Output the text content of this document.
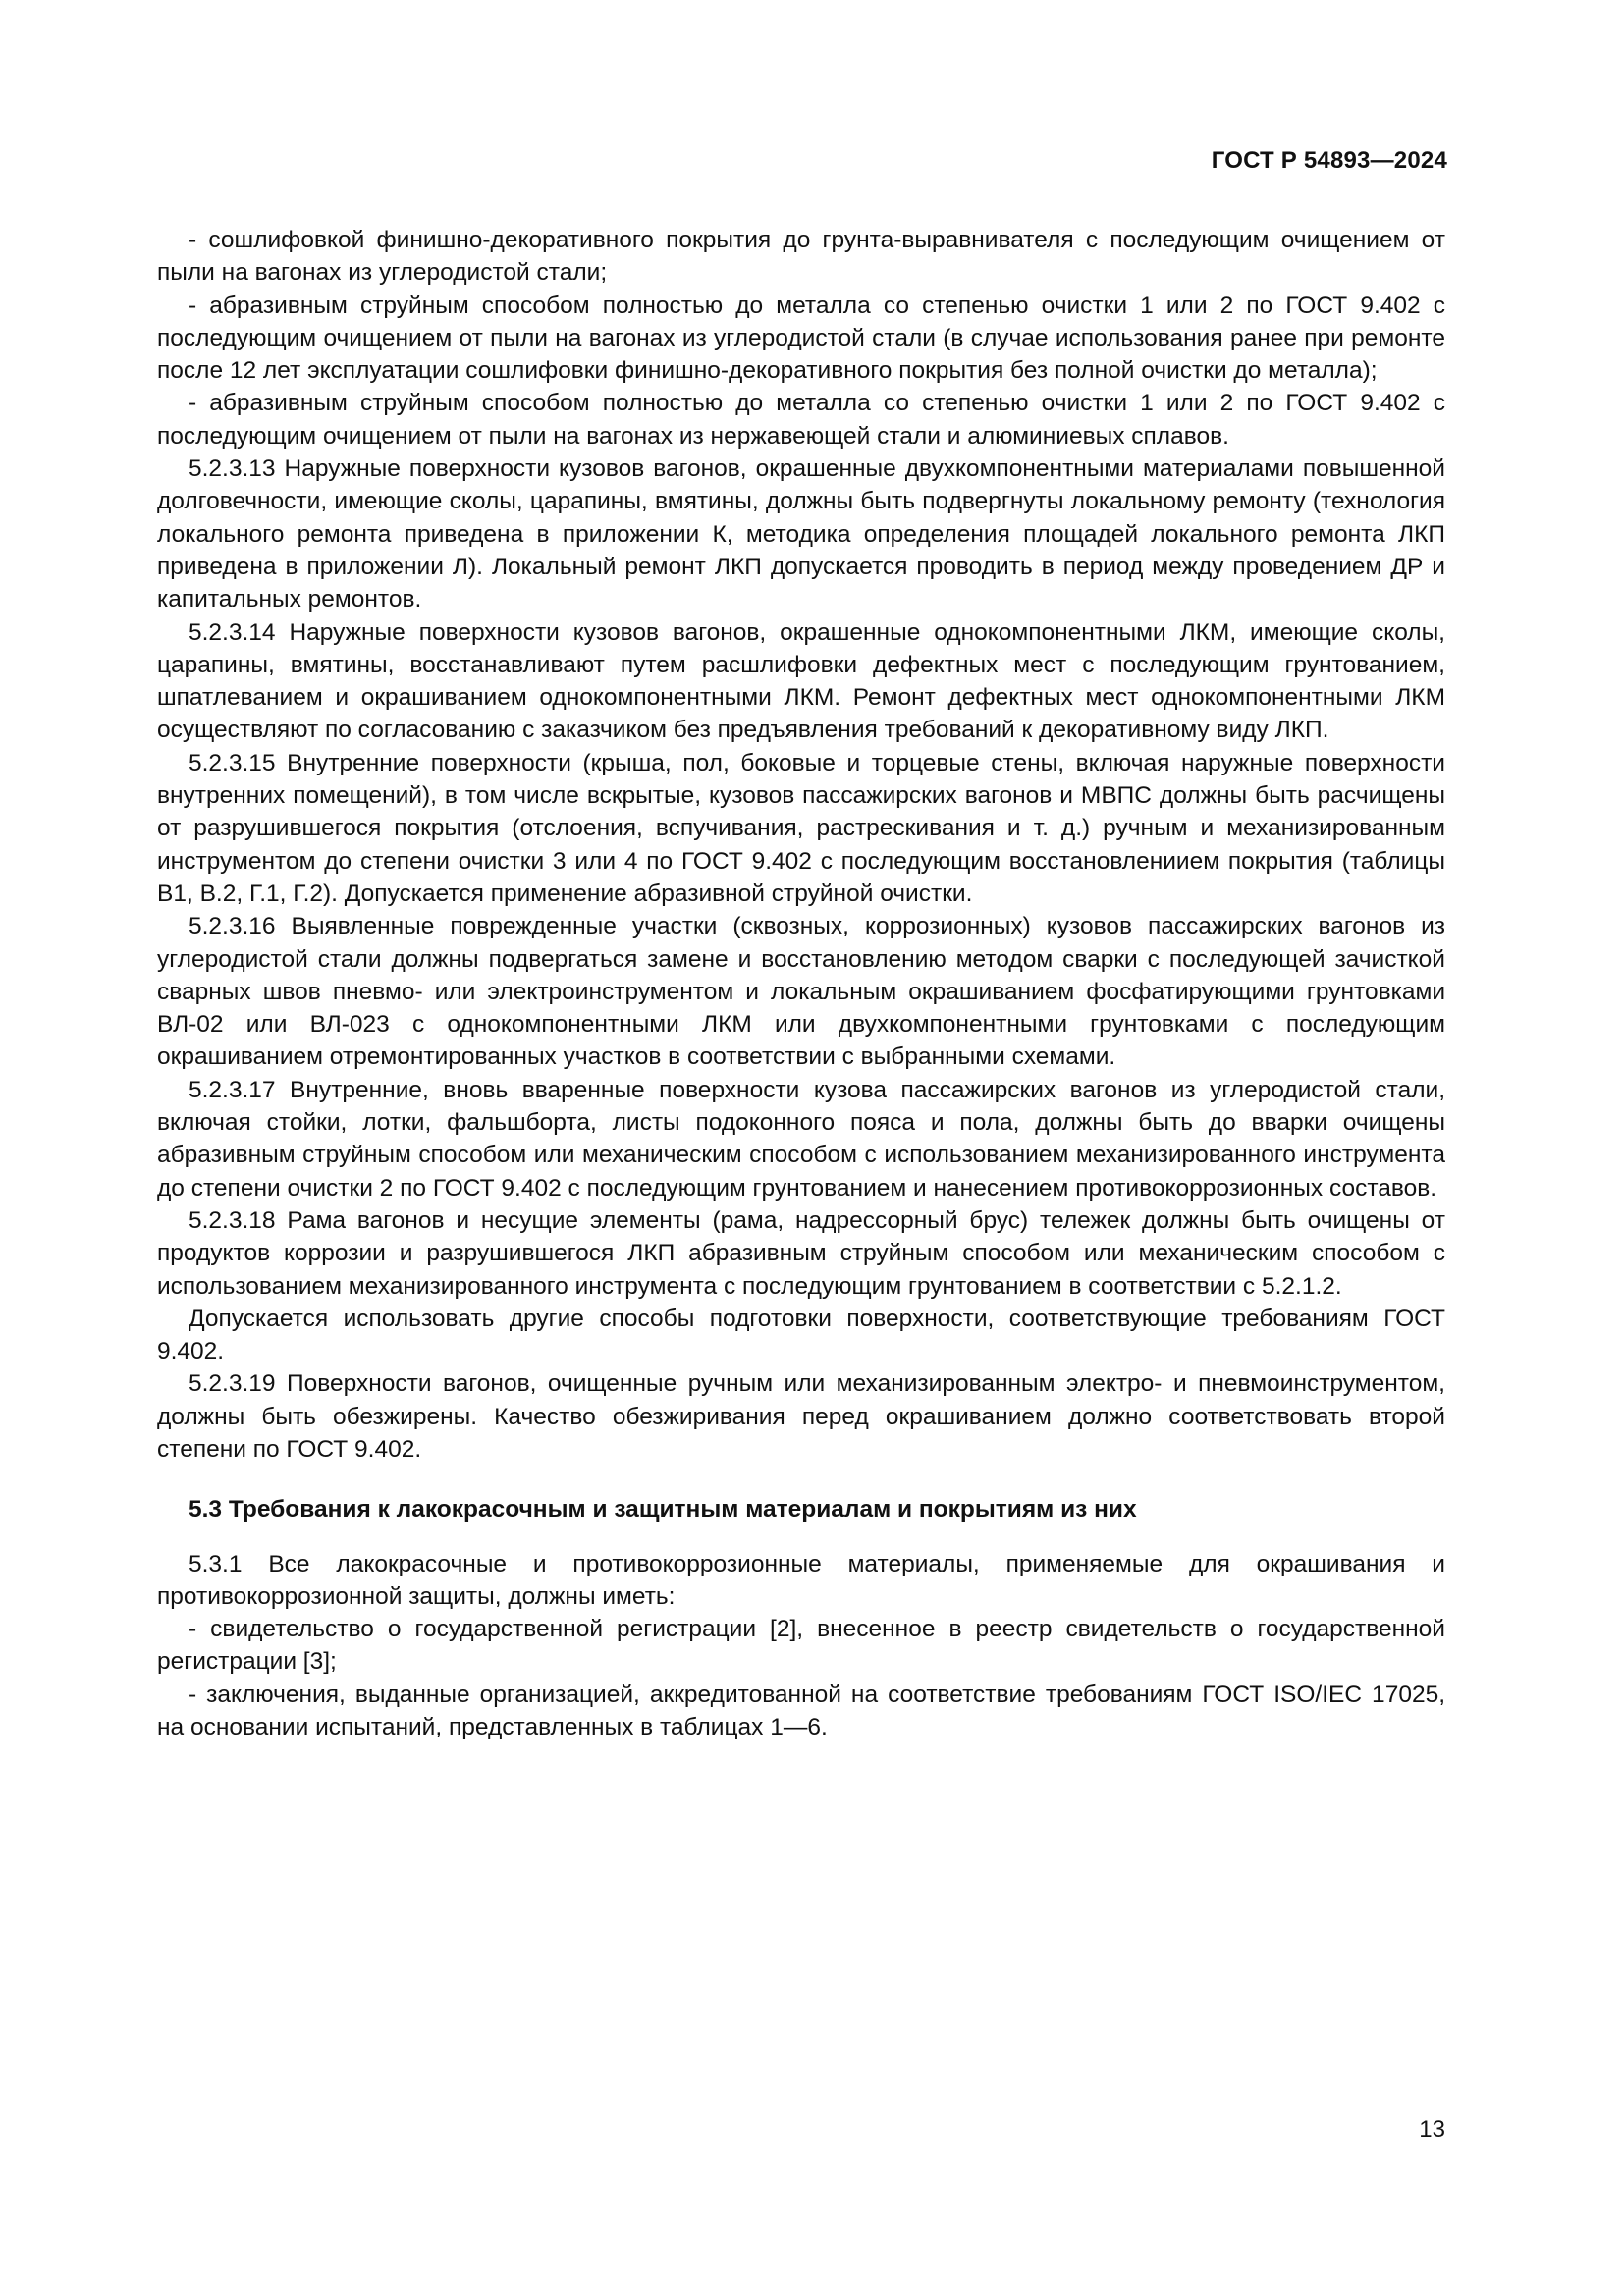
ГОСТ Р 54893—2024

- сошлифовкой финишно-декоративного покрытия до грунта-выравнивателя с последующим очищением от пыли на вагонах из углеродистой стали;

- абразивным струйным способом полностью до металла со степенью очистки 1 или 2 по ГОСТ 9.402 с последующим очищением от пыли на вагонах из углеродистой стали (в случае использования ранее при ремонте после 12 лет эксплуатации сошлифовки финишно-декоративного покрытия без полной очистки до металла);

- абразивным струйным способом полностью до металла со степенью очистки 1 или 2 по ГОСТ 9.402 с последующим очищением от пыли на вагонах из нержавеющей стали и алюминиевых сплавов.

5.2.3.13 Наружные поверхности кузовов вагонов, окрашенные двухкомпонентными материалами повышенной долговечности, имеющие сколы, царапины, вмятины, должны быть подвергнуты локальному ремонту (технология локального ремонта приведена в приложении К, методика определения площадей локального ремонта ЛКП приведена в приложении Л). Локальный ремонт ЛКП допускается проводить в период между проведением ДР и капитальных ремонтов.

5.2.3.14 Наружные поверхности кузовов вагонов, окрашенные однокомпонентными ЛКМ, имеющие сколы, царапины, вмятины, восстанавливают путем расшлифовки дефектных мест с последующим грунтованием, шпатлеванием и окрашиванием однокомпонентными ЛКМ. Ремонт дефектных мест однокомпонентными ЛКМ осуществляют по согласованию с заказчиком без предъявления требований к декоративному виду ЛКП.

5.2.3.15 Внутренние поверхности (крыша, пол, боковые и торцевые стены, включая наружные поверхности внутренних помещений), в том числе вскрытые, кузовов пассажирских вагонов и МВПС должны быть расчищены от разрушившегося покрытия (отслоения, вспучивания, растрескивания и т. д.) ручным и механизированным инструментом до степени очистки 3 или 4 по ГОСТ 9.402 с последующим восстановлениием покрытия (таблицы В1, В.2, Г.1, Г.2). Допускается применение абразивной струйной очистки.

5.2.3.16 Выявленные поврежденные участки (сквозных, коррозионных) кузовов пассажирских вагонов из углеродистой стали должны подвергаться замене и восстановлению методом сварки с последующей зачисткой сварных швов пневмо- или электроинструментом и локальным окрашиванием фосфатирующими грунтовками ВЛ-02 или ВЛ-023 с однокомпонентными ЛКМ или двухкомпонентными грунтовками с последующим окрашиванием отремонтированных участков в соответствии с выбранными схемами.

5.2.3.17 Внутренние, вновь вваренные поверхности кузова пассажирских вагонов из углеродистой стали, включая стойки, лотки, фальшборта, листы подоконного пояса и пола, должны быть до вварки очищены абразивным струйным способом или механическим способом с использованием механизированного инструмента до степени очистки 2 по ГОСТ 9.402 с последующим грунтованием и нанесением противокоррозионных составов.

5.2.3.18 Рама вагонов и несущие элементы (рама, надрессорный брус) тележек должны быть очищены от продуктов коррозии и разрушившегося ЛКП абразивным струйным способом или механическим способом с использованием механизированного инструмента с последующим грунтованием в соответствии с 5.2.1.2.

Допускается использовать другие способы подготовки поверхности, соответствующие требованиям ГОСТ 9.402.

5.2.3.19 Поверхности вагонов, очищенные ручным или механизированным электро- и пневмоинструментом, должны быть обезжирены. Качество обезжиривания перед окрашиванием должно соответствовать второй степени по ГОСТ 9.402.

5.3 Требования к лакокрасочным и защитным материалам и покрытиям из них

5.3.1 Все лакокрасочные и противокоррозионные материалы, применяемые для окрашивания и противокоррозионной защиты, должны иметь:

- свидетельство о государственной регистрации [2], внесенное в реестр свидетельств о государственной регистрации [3];

- заключения, выданные организацией, аккредитованной на соответствие требованиям ГОСТ ISO/IEC 17025, на основании испытаний, представленных в таблицах 1—6.

13
